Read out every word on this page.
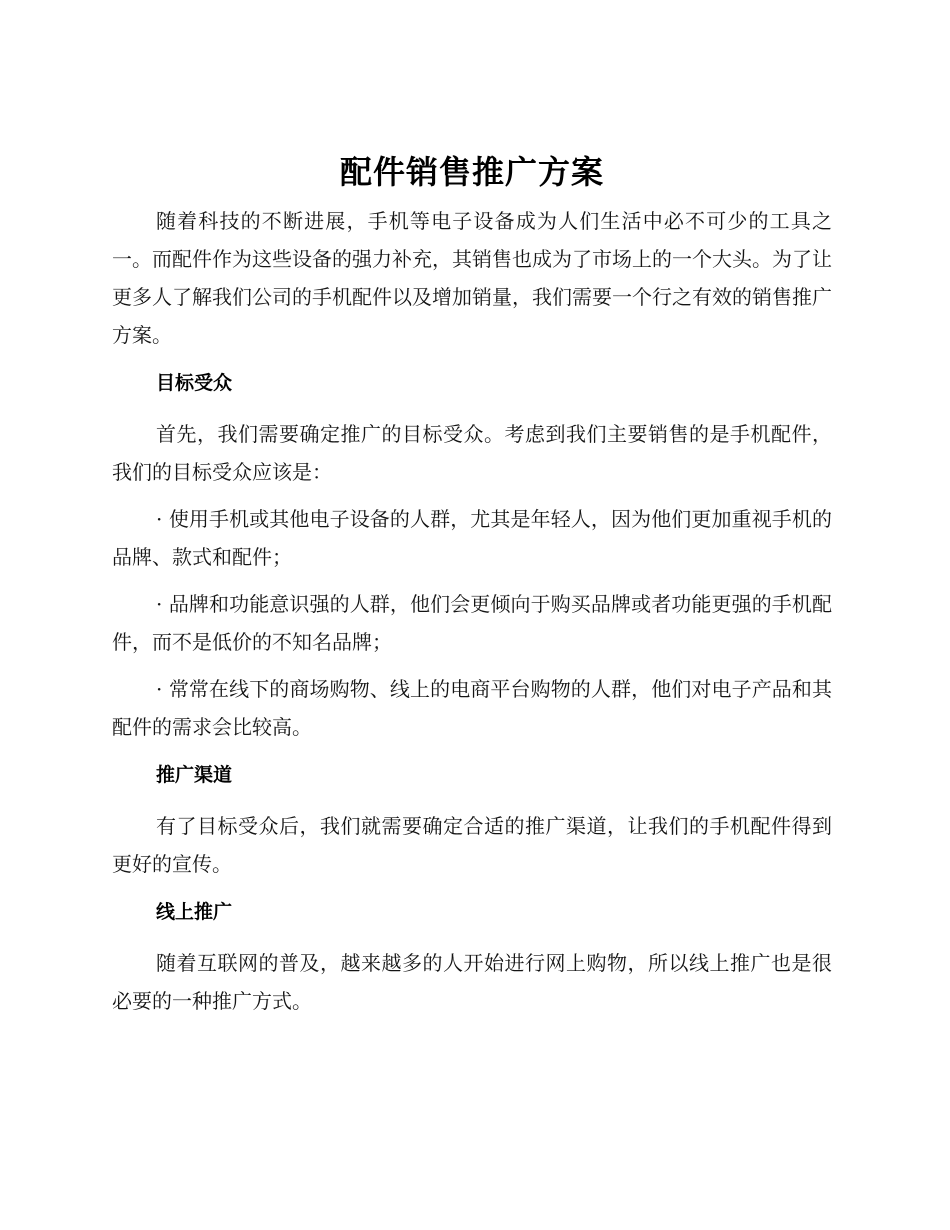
配件销售推广方案

随着科技的不断进展，手机等电子设备成为人们生活中必不可少的工具之一。而配件作为这些设备的强力补充，其销售也成为了市场上的一个大头。为了让更多人了解我们公司的手机配件以及增加销量，我们需要一个行之有效的销售推广方案。

目标受众

首先，我们需要确定推广的目标受众。考虑到我们主要销售的是手机配件，我们的目标受众应该是：

· 使用手机或其他电子设备的人群，尤其是年轻人，因为他们更加重视手机的品牌、款式和配件；

· 品牌和功能意识强的人群，他们会更倾向于购买品牌或者功能更强的手机配件，而不是低价的不知名品牌；

· 常常在线下的商场购物、线上的电商平台购物的人群，他们对电子产品和其配件的需求会比较高。

推广渠道

有了目标受众后，我们就需要确定合适的推广渠道，让我们的手机配件得到更好的宣传。

线上推广

随着互联网的普及，越来越多的人开始进行网上购物，所以线上推广也是很必要的一种推广方式。
